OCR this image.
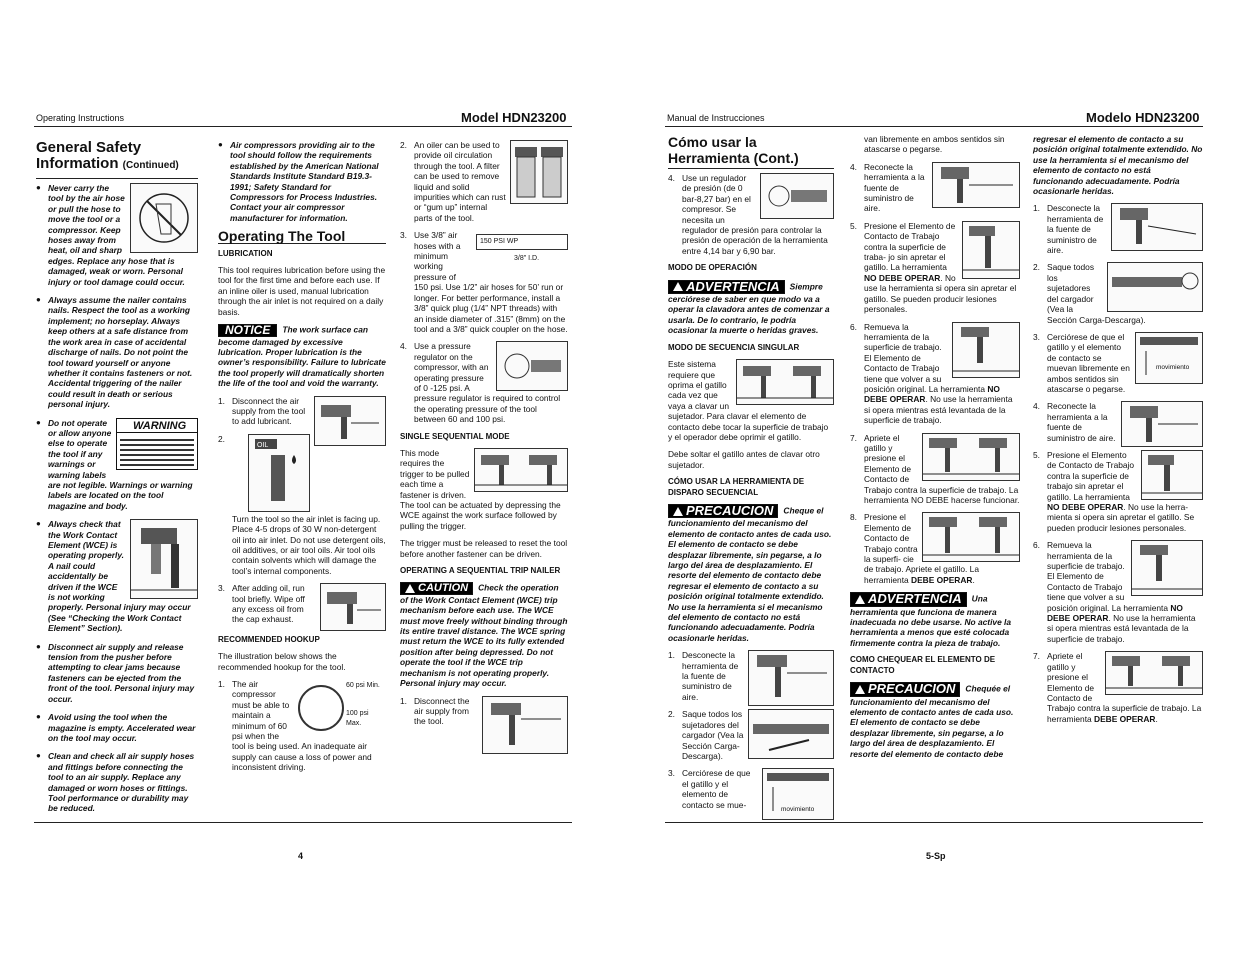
Operating Instructions	Model HDN23200
4
General Safety
Information (Continued)
● Never carry the tool by the air hose or pull the hose to move the tool or a compressor. Keep hoses away from heat, oil and sharp edges. Replace any hose that is damaged, weak or worn. Personal injury or tool damage could occur.
● Always assume the nailer contains nails. Respect the tool as a working implement; no horseplay. Always keep others at a safe distance from the work area in case of accidental discharge of nails. Do not point the tool toward yourself or anyone whether it contains fasteners or not. Accidental triggering of the nailer could result in death or serious personal injury.
● WARNING
Do not operate or allow anyone else to operate the tool if any warnings or warning labels are not legible. Warnings or warning labels are located on the tool magazine and body.
● Always check that the Work Contact Element (WCE) is operating properly. A nail could accidentally be driven if the WCE is not working properly. Personal injury may occur (See “Checking the Work Contact Element” Section).
● Disconnect air supply and release tension from the pusher before attempting to clear jams because fasteners can be ejected from the front of the tool. Personal injury may occur.
● Avoid using the tool when the magazine is empty. Accelerated wear on the tool may occur.
● Clean and check all air supply hoses and fittings before connecting the tool to an air supply. Replace any damaged or worn hoses or fittings. Tool performance or durability may be reduced.
● Air compressors providing air to the tool should follow the requirements established by the American National Standards Institute Standard B19.3-1991; Safety Standard for Compressors for Process Industries. Contact your air compressor manufacturer for information.
Operating The Tool
LUBRICATION

This tool requires lubrication before using the tool for the first time and before each use. If an inline oiler is used, manual lubrication through the air inlet is not required on a daily basis.

NOTICE The work surface can become damaged by excessive lubrication. Proper lubrication is the owner’s responsibility. Failure to lubricate the tool properly will dramatically shorten the life of the tool and void the warranty.

1. Disconnect the air supply from the tool to add lubricant.
2.
OIL
Turn the tool so the air inlet is facing up. Place 4-5 drops of 30 W non-detergent oil into air inlet. Do not use detergent oils, oil additives, or air tool oils. Air tool oils contain solvents which will damage the tool’s internal components.
3. After adding oil, run tool briefly. Wipe off any excess oil from the cap exhaust.
RECOMMENDED HOOKUP

The illustration below shows the recommended hookup for the tool.

1.	60 psi Min.
100 psi Max.
The air compressor must be able to maintain a minimum of 60 psi when the tool is being used. An inadequate air supply can cause a loss of power and inconsistent driving.
2. An oiler can be used to provide oil circulation through the tool. A filter can be used to remove liquid and solid impurities which can rust or “gum up” internal parts of the tool.
3.
150 PSI WP
3/8" I.D.
Use 3/8” air hoses with a minimum working pressure of 150 psi. Use 1/2” air hoses for 50’ run or longer. For better performance, install a 3/8” quick plug (1/4” NPT threads) with an inside diameter of .315” (8mm) on the tool and a 3/8” quick coupler on the hose.
4. Use a pressure regulator on the compressor, with an operating pressure of 0 -125 psi. A pressure regulator is required to control the operating pressure of the tool between 60 and 100 psi.
SINGLE SEQUENTIAL MODE

This mode requires the trigger to be pulled each time a fastener is driven. The tool can be actuated by depressing the WCE against the work surface followed by pulling the trigger.

The trigger must be released to reset the tool before another fastener can be driven.

OPERATING A SEQUENTIAL TRIP NAILER

CAUTION Check the operation of the Work Contact Element (WCE) trip mechanism before each use. The WCE must move freely without binding through its entire travel distance. The WCE spring must return the WCE to its fully extended position after being depressed. Do not operate the tool if the WCE trip mechanism is not operating properly. Personal injury may occur.

1. Disconnect the air supply from the tool.
Manual de Instrucciones	Modelo HDN23200
5-Sp
Cómo usar la Herramienta (Cont.)
4. Use un regulador de presión (de 0 bar-8,27 bar) en el compresor. Se necesita un regulador de presión para controlar la presión de operación de la herramienta entre 4,14 bar y 6,90 bar.
MODO DE OPERACIÓN

ADVERTENCIA Siempre cerciórese de saber en que modo va a operar la clavadora antes de comenzar a usarla. De lo contrario, le podría ocasionar la muerte o heridas graves.

MODO DE SECUENCIA SINGULAR

Este sistema requiere que oprima el gatillo cada vez que vaya a clavar un sujetador. Para clavar el elemento de contacto debe tocar la superficie de trabajo y el operador debe oprimir el gatillo.

Debe soltar el gatillo antes de clavar otro sujetador.

CÓMO USAR LA HERRAMIENTA DE DISPARO SECUENCIAL

PRECAUCION Cheque el funcionamiento del mecanismo del elemento de contacto antes de cada uso. El elemento de contacto se debe desplazar libremente, sin pegarse, a lo largo del área de desplazamiento. El resorte del elemento de contacto debe regresar el elemento de contacto a su posición original totalmente extendido. No use la herramienta si el mecanismo del elemento de contacto no está funcionando adecuadamente. Podría ocasionarle heridas.

1. Desconecte la herramienta de la fuente de suministro de aire.
2. Saque todos los sujetadores del cargador (Vea la Sección Carga-Descarga).
3.
movimiento
Cerciórese de que el gatillo y el elemento de contacto se mue-

van libremente en ambos sentidos sin atascarse o pegarse.

4. Reconecte la herramienta a la fuente de suministro de aire.
5. Presione el Elemento de Contacto de Trabajo contra la superficie de traba- jo sin apretar el gatillo. La herramienta NO DEBE OPERAR. No use la herramienta si opera sin apretar el gatillo. Se pueden producir lesiones personales.
6. Remueva la herramienta de la superficie de trabajo. El Elemento de Contacto de Trabajo tiene que volver a su posición original. La herramienta NO DEBE OPERAR. No use la herramienta si opera mientras está levantada de la superficie de trabajo.
7. Apriete el gatillo y presione el Elemento de Contacto de Trabajo contra la superficie de trabajo. La herramienta NO DEBE hacerse funcionar.
8. Presione el Elemento de Contacto de Trabajo contra la superfi- cie de trabajo. Apriete el gatillo. La herramienta DEBE OPERAR.

ADVERTENCIA Una herramienta que funciona de manera inadecuada no debe usarse. No active la herramienta a menos que esté colocada firmemente contra la pieza de trabajo.

COMO CHEQUEAR EL ELEMENTO DE CONTACTO

PRECAUCION Chequée el funcionamiento del mecanismo del elemento de contacto antes de cada uso. El elemento de contacto se debe desplazar libremente, sin pegarse, a lo largo del área de desplazamiento. El resorte del elemento de contacto debe

regresar el elemento de contacto a su posición original totalmente extendido. No use la herramienta si el mecanismo del elemento de contacto no está funcionando adecuadamente. Podría ocasionarle heridas.

1. Desconecte la herramienta de la fuente de suministro de aire.
2. Saque todos los sujetadores del cargador (Vea la Sección Carga-Descarga).
3.
movimiento
Cerciórese de que el gatillo y el elemento de contacto se muevan libremente en ambos sentidos sin atascarse o pegarse.
4. Reconecte la herramienta a la fuente de suministro de aire.
5. Presione el Elemento de Contacto de Trabajo contra la superficie de trabajo sin apretar el gatillo. La herramienta NO DEBE OPERAR. No use la herra-mienta si opera sin apretar el gatillo. Se pueden producir lesiones personales.
6. Remueva la herramienta de la superficie de trabajo. El Elemento de Contacto de Trabajo tiene que volver a su posición original. La herramienta NO DEBE OPERAR. No use la herramienta si opera mientras está levantada de la superficie de trabajo.
7. Apriete el gatillo y presione el Elemento de Contacto de Trabajo contra la superficie de trabajo. La herramienta DEBE OPERAR.
